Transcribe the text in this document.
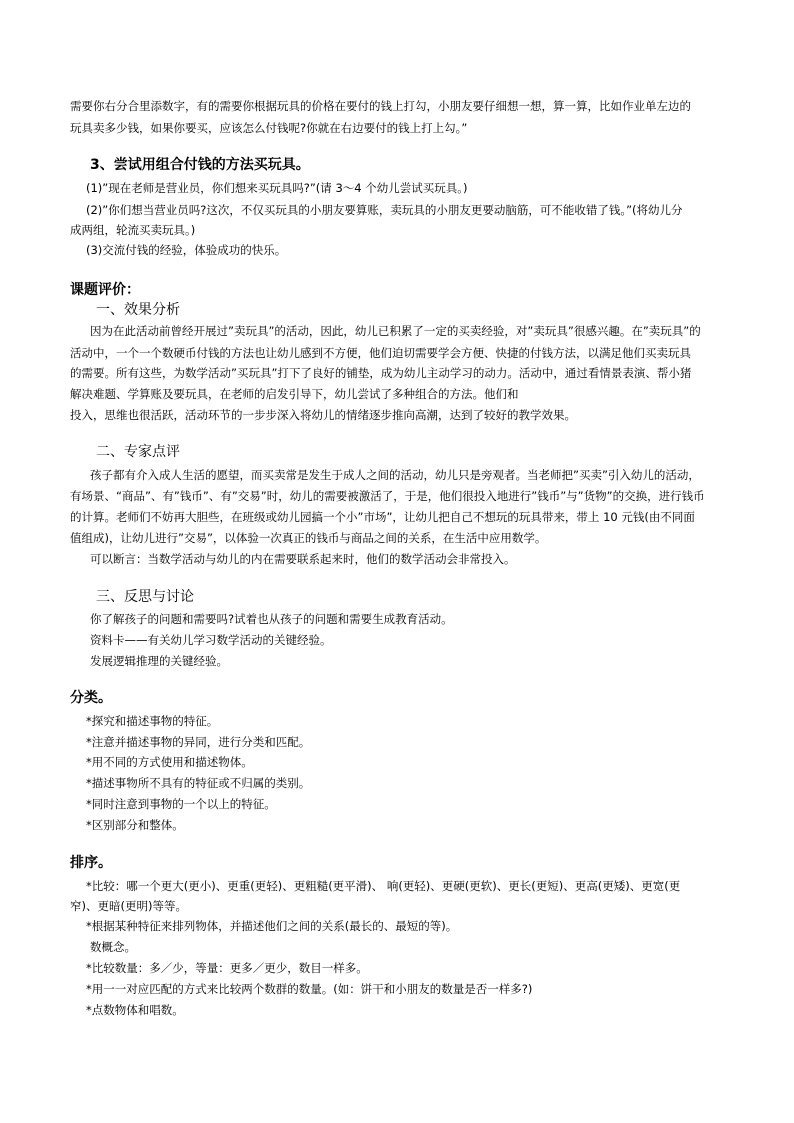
需要你右分合里添数字，有的需要你根据玩具的价格在要付的钱上打勾，小朋友要仔细想一想，算一算，比如作业单左边的
玩具卖多少钱，如果你要买，应该怎么付钱呢?你就在右边要付的钱上打上勾。”
3、尝试用组合付钱的方法买玩具。
(1)”现在老师是营业员，你们想来买玩具吗?”(请 3～4 个幼儿尝试买玩具。)
(2)”你们想当营业员吗?这次，不仅买玩具的小朋友要算账，卖玩具的小朋友更要动脑筋，可不能收错了钱。”(将幼儿分
成两组，轮流买卖玩具。)
(3)交流付钱的经验，体验成功的快乐。
课题评价：
一、效果分析
因为在此活动前曾经开展过”卖玩具”的活动，因此，幼儿已积累了一定的买卖经验，对”卖玩具”很感兴趣。在”卖玩具”的
活动中，一个一个数硬币付钱的方法也让幼儿感到不方便，他们迫切需要学会方便、快捷的付钱方法，以满足他们买卖玩具
的需要。所有这些，为数学活动”买玩具”打下了良好的铺垫，成为幼儿主动学习的动力。活动中，通过看情景表演、帮小猪
解决难题、学算账及要玩具，在老师的启发引导下，幼儿尝试了多种组合的方法。他们和
投入，思维也很活跃，活动环节的一步步深入将幼儿的情绪逐步推向高潮，达到了较好的教学效果。
二、专家点评
孩子都有介入成人生活的愿望，而买卖常是发生于成人之间的活动，幼儿只是旁观者。当老师把”买卖”引入幼儿的活动，
有场景、“商品”、有”钱币”、有”交易”时，幼儿的需要被激活了，于是，他们很投入地进行”钱币”与”货物”的交换，进行钱币
的计算。老师们不妨再大胆些，在班级或幼儿园搞一个小”市场”，让幼儿把自己不想玩的玩具带来，带上 10 元钱(由不同面
值组成)，让幼儿进行”交易”，以体验一次真正的钱币与商品之间的关系，在生活中应用数学。
可以断言：当数学活动与幼儿的内在需要联系起来时，他们的数学活动会非常投入。
三、反思与讨论
你了解孩子的问题和需要吗?试着也从孩子的问题和需要生成教育活动。
资料卡——有关幼儿学习数学活动的关键经验。
发展逻辑推理的关键经验。
分类。
*探究和描述事物的特征。
*注意并描述事物的异同，进行分类和匹配。
*用不同的方式使用和描述物体。
*描述事物所不具有的特征或不归属的类别。
*同时注意到事物的一个以上的特征。
*区别部分和整体。
排序。
*比较：哪一个更大(更小)、更重(更轻)、更粗糙(更平滑)、 响(更轻)、更硬(更软)、更长(更短)、更高(更矮)、更宽(更
窄)、更暗(更明)等等。
*根据某种特征来排列物体，并描述他们之间的关系(最长的、最短的等)。
数概念。
*比较数量：多／少，等量：更多／更少，数目一样多。
*用一一对应匹配的方式来比较两个数群的数量。(如：饼干和小朋友的数量是否一样多?)
*点数物体和唱数。
